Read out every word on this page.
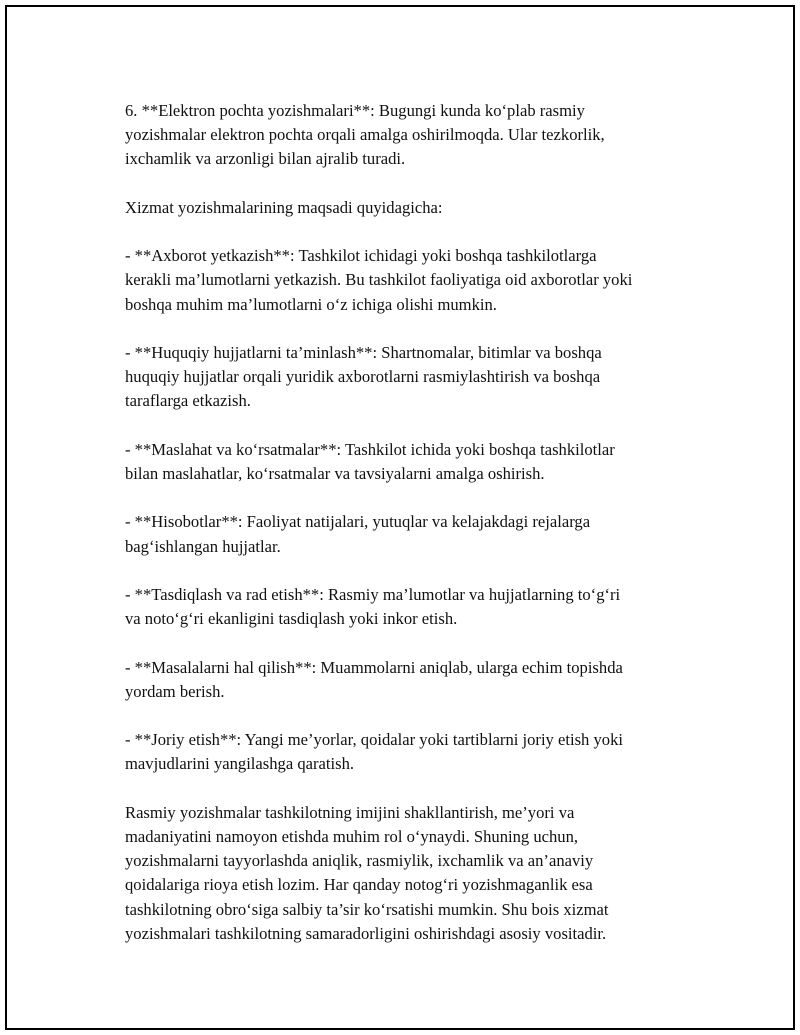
6. **Elektron pochta yozishmalari**: Bugungi kunda ko‘plab rasmiy
yozishmalar elektron pochta orqali amalga oshirilmoqda. Ular tezkorlik,
ixchamlik va arzonligi bilan ajralib turadi.

Xizmat yozishmalarining maqsadi quyidagicha:

- **Axborot yetkazish**: Tashkilot ichidagi yoki boshqa tashkilotlarga
kerakli ma’lumotlarni yetkazish. Bu tashkilot faoliyatiga oid axborotlar yoki
boshqa muhim ma’lumotlarni o‘z ichiga olishi mumkin.

- **Huquqiy hujjatlarni ta’minlash**: Shartnomalar, bitimlar va boshqa
huquqiy hujjatlar orqali yuridik axborotlarni rasmiylashtirish va boshqa
taraflarga etkazish.

- **Maslahat va ko‘rsatmalar**: Tashkilot ichida yoki boshqa tashkilotlar
bilan maslahatlar, ko‘rsatmalar va tavsiyalarni amalga oshirish.

- **Hisobotlar**: Faoliyat natijalari, yutuqlar va kelajakdagi rejalarga
bag‘ishlangan hujjatlar.

- **Tasdiqlash va rad etish**: Rasmiy ma’lumotlar va hujjatlarning to‘g‘ri
va noto‘g‘ri ekanligini tasdiqlash yoki inkor etish.

- **Masalalarni hal qilish**: Muammolarni aniqlab, ularga echim topishda
yordam berish.

- **Joriy etish**: Yangi me’yorlar, qoidalar yoki tartiblarni joriy etish yoki
mavjudlarini yangilashga qaratish.

Rasmiy yozishmalar tashkilotning imijini shakllantirish, me’yori va
madaniyatini namoyon etishda muhim rol o‘ynaydi. Shuning uchun,
yozishmalarni tayyorlashda aniqlik, rasmiylik, ixchamlik va an’anaviy
qoidalariga rioya etish lozim. Har qanday notog‘ri yozishmaganlik esa
tashkilotning obro‘siga salbiy ta’sir ko‘rsatishi mumkin. Shu bois xizmat
yozishmalari tashkilotning samaradorligini oshirishdagi asosiy vositadir.
